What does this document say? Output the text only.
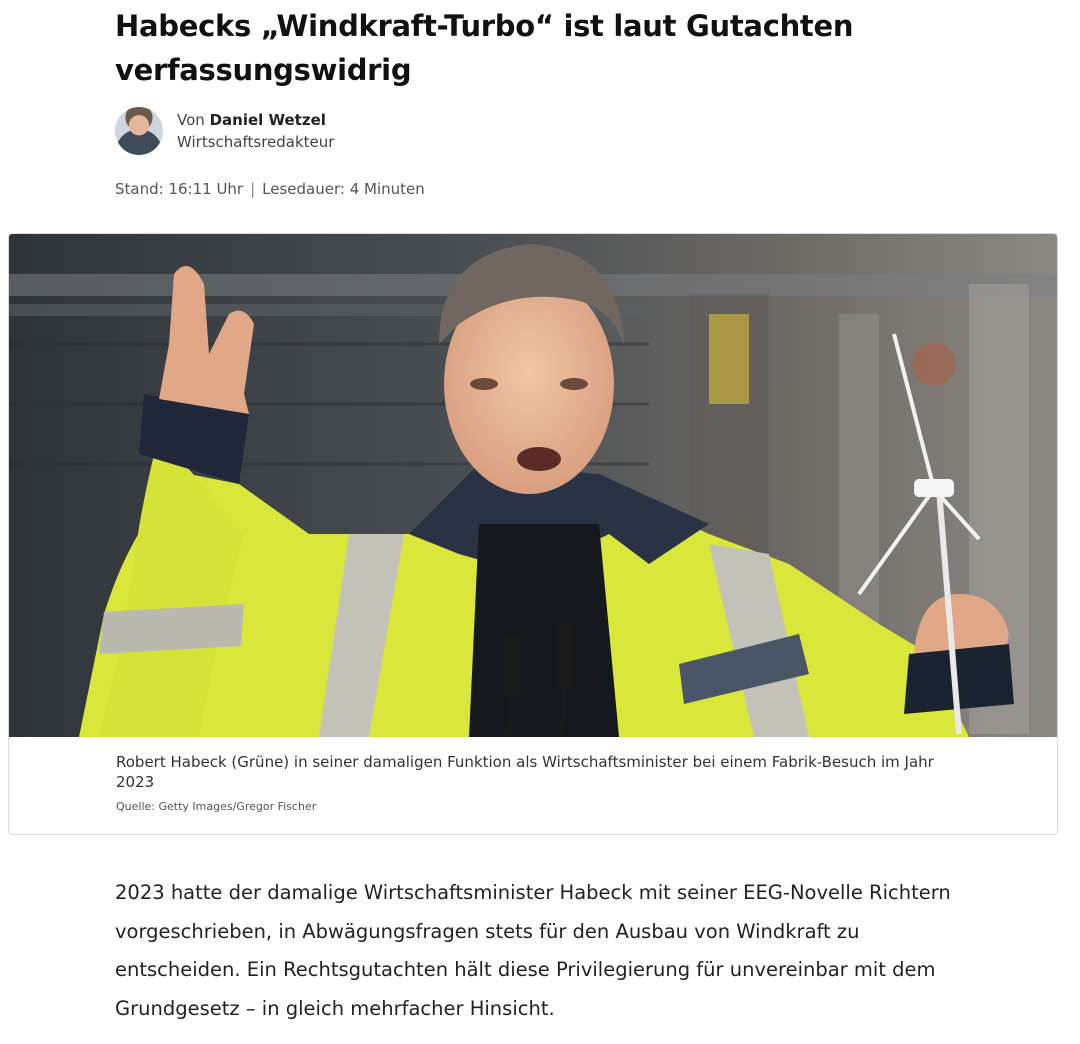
Habecks „Windkraft-Turbo“ ist laut Gutachten verfassungswidrig
Von Daniel Wetzel
Wirtschaftsredakteur
Stand: 16:11 Uhr | Lesedauer: 4 Minuten
Robert Habeck (Grüne) in seiner damaligen Funktion als Wirtschaftsminister bei einem Fabrik-Besuch im Jahr 2023
Quelle: Getty Images/Gregor Fischer

2023 hatte der damalige Wirtschaftsminister Habeck mit seiner EEG-Novelle Richtern vorgeschrieben, in Abwägungsfragen stets für den Ausbau von Windkraft zu entscheiden. Ein Rechtsgutachten hält diese Privilegierung für unvereinbar mit dem Grundgesetz – in gleich mehrfacher Hinsicht.
